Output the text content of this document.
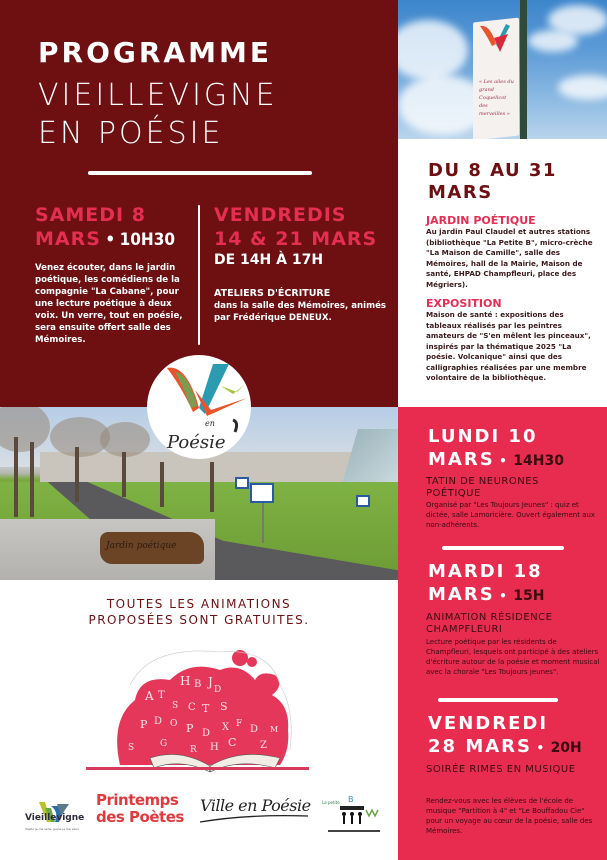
PROGRAMME
VIEILLEVIGNE
EN POÉSIE
SAMEDI 8
MARS • 10H30
Venez écouter, dans le jardin poétique, les comédiens de la compagnie "La Cabane", pour une lecture poétique à deux voix. Un verre, tout en poésie, sera ensuite offert salle des Mémoires.
VENDREDIS
14 & 21 MARS
DE 14H À 17H
ATELIERS D'ÉCRITURE
dans la salle des Mémoires, animés par Frédérique DENEUX.
« Les ailes du grand Coquelicot des merveilles »
DU 8 AU 31 MARS
JARDIN POÉTIQUE
Au jardin Paul Claudel et autres stations (bibliothèque "La Petite B", micro-crèche "La Maison de Camille", salle des Mémoires, hall de la Mairie, Maison de santé, EHPAD Champfleuri, place des Mégriers).
EXPOSITION
Maison de santé : expositions des tableaux réalisés par les peintres amateurs de "S'en mêlent les pinceaux", inspirés par la thématique 2025 "La poésie. Volcanique" ainsi que des calligraphies réalisées par une membre volontaire de la bibliothèque.
LUNDI 10
MARS • 14H30
TATIN DE NEURONES POÉTIQUE
Organisé par "Les Toujours Jeunes" : quiz et dictée, salle Lamoricière. Ouvert également aux non-adhérents.
MARDI 18
MARS • 15H
ANIMATION RÉSIDENCE CHAMPFLEURI
Lecture poétique par les résidents de Champfleuri, lesquels ont participé à des ateliers d'écriture autour de la poésie et moment musical avec la chorale "Les Toujours jeunes".
VENDREDI
28 MARS • 20H
SOIRÉE RIMES EN MUSIQUE
Rendez-vous avec les élèves de l'école de musique "Partition à 4" et "Le Bouffadou Cie" pour un voyage au cœur de la poésie, salle des Mémoires.
Jardin poétique
en
Poésie
TOUTES LES ANIMATIONS
PROPOSÉES SONT GRATUITES.
H B J
D
A T
S C T S
P D O P D
X F D
C
H
R	Z
M
S	G
Vieillevigne
Vieille je me sens, jeune je me veux
Printemps
des Poètes
Ville en Poésie	La petite B
